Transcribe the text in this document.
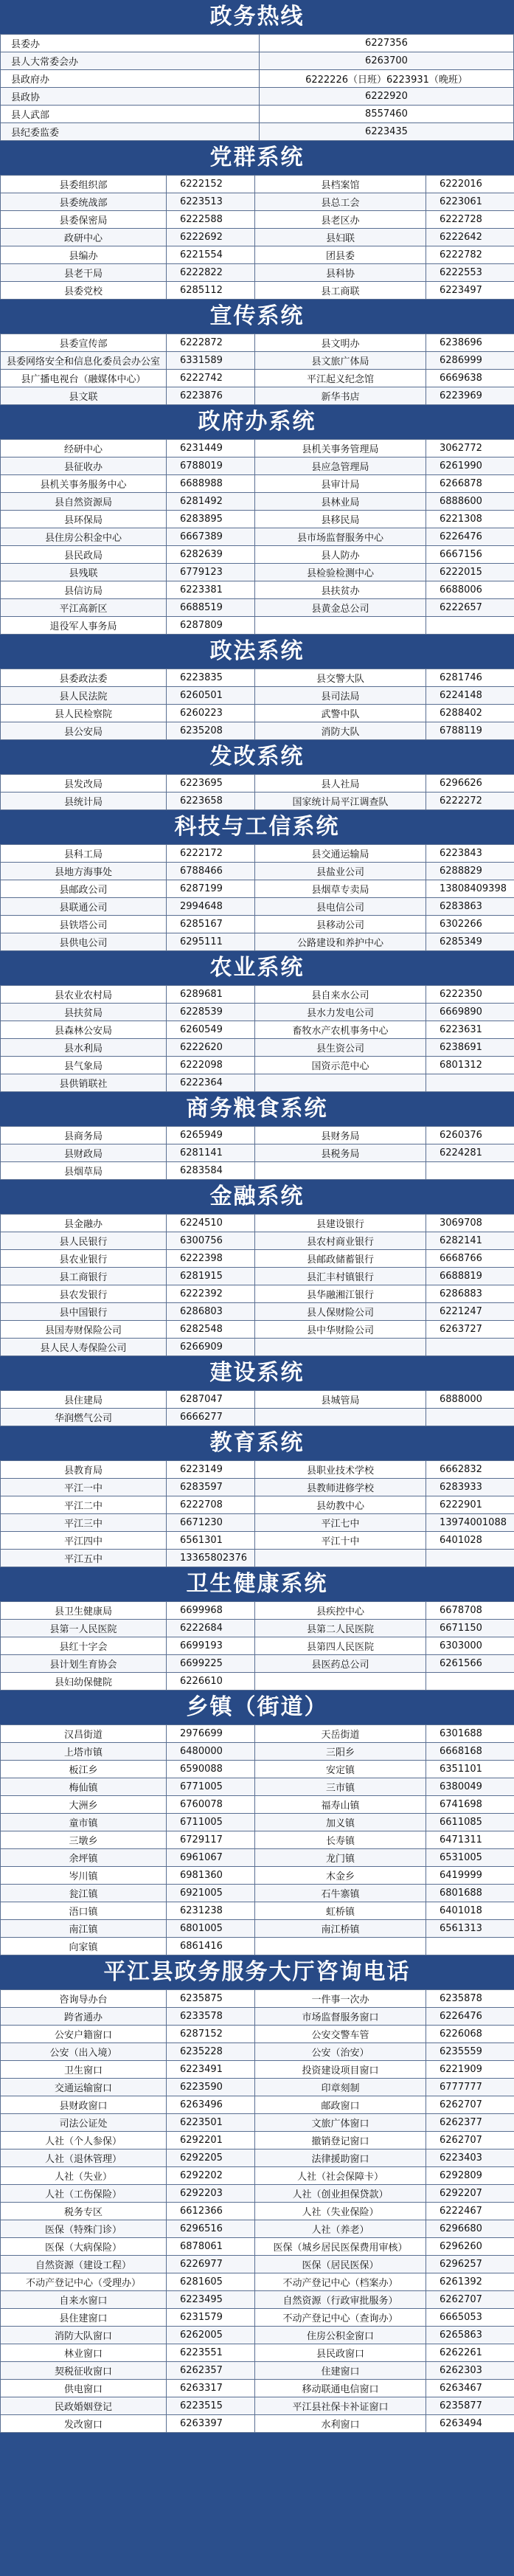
政务热线
县委办	6227356
县人大常委会办	6263700
县政府办	6222226（日班）6223931（晚班）
县政协	6222920
县人武部	8557460
县纪委监委	6223435
党群系统
县委组织部	6222152	县档案馆	6222016
县委统战部	6223513	县总工会	6223061
县委保密局	6222588	县老区办	6222728
政研中心	6222692	县妇联	6222642
县编办	6221554	团县委	6222782
县老干局	6222822	县科协	6222553
县委党校	6285112	县工商联	6223497
宣传系统
县委宣传部	6222872	县文明办	6238696
县委网络安全和信息化委员会办公室	6331589	县文旅广体局	6286999
县广播电视台（融媒体中心）	6222742	平江起义纪念馆	6669638
县文联	6223876	新华书店	6223969
政府办系统
经研中心	6231449	县机关事务管理局	3062772
县征收办	6788019	县应急管理局	6261990
县机关事务服务中心	6688988	县审计局	6266878
县自然资源局	6281492	县林业局	6888600
县环保局	6283895	县移民局	6221308
县住房公积金中心	6667389	县市场监督服务中心	6226476
县民政局	6282639	县人防办	6667156
县残联	6779123	县检验检测中心	6222015
县信访局	6223381	县扶贫办	6688006
平江高新区	6688519	县黄金总公司	6222657
退役军人事务局	6287809		
政法系统
县委政法委	6223835	县交警大队	6281746
县人民法院	6260501	县司法局	6224148
县人民检察院	6260223	武警中队	6288402
县公安局	6235208	消防大队	6788119
发改系统
县发改局	6223695	县人社局	6296626
县统计局	6223658	国家统计局平江调查队	6222272
科技与工信系统
县科工局	6222172	县交通运输局	6223843
县地方海事处	6788466	县盐业公司	6288829
县邮政公司	6287199	县烟草专卖局	13808409398
县联通公司	2994648	县电信公司	6283863
县铁塔公司	6285167	县移动公司	6302266
县供电公司	6295111	公路建设和养护中心	6285349
农业系统
县农业农村局	6289681	县自来水公司	6222350
县扶贫局	6228539	县水力发电公司	6669890
县森林公安局	6260549	畜牧水产农机事务中心	6223631
县水利局	6222620	县生资公司	6238691
县气象局	6222098	国资示范中心	6801312
县供销联社	6222364		
商务粮食系统
县商务局	6265949	县财务局	6260376
县财政局	6281141	县税务局	6224281
县烟草局	6283584		
金融系统
县金融办	6224510	县建设银行	3069708
县人民银行	6300756	县农村商业银行	6282141
县农业银行	6222398	县邮政储蓄银行	6668766
县工商银行	6281915	县汇丰村镇银行	6688819
县农发银行	6222392	县华融湘江银行	6286883
县中国银行	6286803	县人保财险公司	6221247
县国寿财保险公司	6282548	县中华财险公司	6263727
县人民人寿保险公司	6266909		
建设系统
县住建局	6287047	县城管局	6888000
华润燃气公司	6666277		
教育系统
县教育局	6223149	县职业技术学校	6662832
平江一中	6283597	县教师进修学校	6283933
平江二中	6222708	县幼教中心	6222901
平江三中	6671230	平江七中	13974001088
平江四中	6561301	平江十中	6401028
平江五中	13365802376		
卫生健康系统
县卫生健康局	6699968	县疾控中心	6678708
县第一人民医院	6222684	县第二人民医院	6671150
县红十字会	6699193	县第四人民医院	6303000
县计划生育协会	6699225	县医药总公司	6261566
县妇幼保健院	6226610		
乡镇（街道）
汉昌街道	2976699	天岳街道	6301688
上塔市镇	6480000	三阳乡	6668168
板江乡	6590088	安定镇	6351101
梅仙镇	6771005	三市镇	6380049
大洲乡	6760078	福寿山镇	6741698
童市镇	6711005	加义镇	6611085
三墩乡	6729117	长寿镇	6471311
余坪镇	6961067	龙门镇	6531005
岑川镇	6981360	木金乡	6419999
瓮江镇	6921005	石牛寨镇	6801688
浯口镇	6231238	虹桥镇	6401018
南江镇	6801005	南江桥镇	6561313
向家镇	6861416		
平江县政务服务大厅咨询电话
咨询导办台	6235875	一件事一次办	6235878
跨省通办	6233578	市场监督服务窗口	6226476
公安户籍窗口	6287152	公安交警车管	6226068
公安（出入境）	6235228	公安（治安）	6235559
卫生窗口	6223491	投资建设项目窗口	6221909
交通运输窗口	6223590	印章刻制	6777777
县财政窗口	6263496	邮政窗口	6262707
司法公证处	6223501	文旅广体窗口	6262377
人社（个人参保）	6292201	撤销登记窗口	6262707
人社（退休管理）	6292205	法律援助窗口	6223403
人社（失业）	6292202	人社（社会保障卡）	6292809
人社（工伤保险）	6292203	人社（创业担保贷款）	6292207
税务专区	6612366	人社（失业保险）	6222467
医保（特殊门诊）	6296516	人社（养老）	6296680
医保（大病保险）	6878061	医保（城乡居民医保费用审核）	6296260
自然资源（建设工程）	6226977	医保（居民医保）	6296257
不动产登记中心（受理办）	6281605	不动产登记中心（档案办）	6261392
自来水窗口	6223495	自然资源（行政审批服务）	6262707
县住建窗口	6231579	不动产登记中心（查询办）	6665053
消防大队窗口	6262005	住房公积金窗口	6265863
林业窗口	6223551	县民政窗口	6262261
契税征收窗口	6262357	住建窗口	6262303
供电窗口	6263317	移动联通电信窗口	6263467
民政婚姻登记	6223515	平江县社保卡补证窗口	6235877
发改窗口	6263397	水利窗口	6263494
